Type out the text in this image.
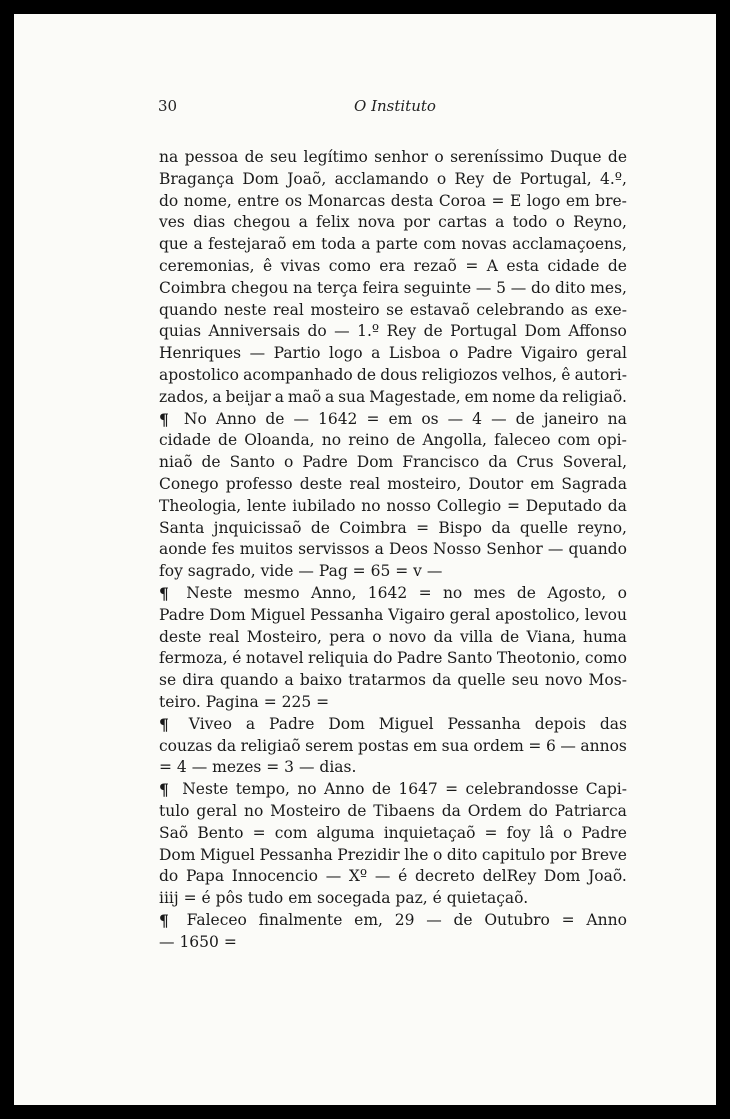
30	O Instituto
na pessoa de seu legítimo senhor o sereníssimo Duque de
Bragança Dom Joaõ, acclamando o Rey de Portugal, 4.º,
do nome, entre os Monarcas desta Coroa = E logo em bre-
ves dias chegou a felix nova por cartas a todo o Reyno,
que a festejaraõ em toda a parte com novas acclamaçoens,
ceremonias, ê vivas como era rezaõ = A esta cidade de
Coimbra chegou na terça feira seguinte — 5 — do dito mes,
quando neste real mosteiro se estavaõ celebrando as exe-
quias Anniversais do — 1.º Rey de Portugal Dom Affonso
Henriques — Partio logo a Lisboa o Padre Vigairo geral
apostolico acompanhado de dous religiozos velhos, ê autori-
zados, a beijar a maõ a sua Magestade, em nome da religiaõ.
¶ No Anno de — 1642 = em os — 4 — de janeiro na
cidade de Oloanda, no reino de Angolla, faleceo com opi-
niaõ de Santo o Padre Dom Francisco da Crus Soveral,
Conego professo deste real mosteiro, Doutor em Sagrada
Theologia, lente iubilado no nosso Collegio = Deputado da
Santa jnquicissaõ de Coimbra = Bispo da quelle reyno,
aonde fes muitos servissos a Deos Nosso Senhor — quando
foy sagrado, vide — Pag = 65 = v —
¶ Neste mesmo Anno, 1642 = no mes de Agosto, o
Padre Dom Miguel Pessanha Vigairo geral apostolico, levou
deste real Mosteiro, pera o novo da villa de Viana, huma
fermoza, é notavel reliquia do Padre Santo Theotonio, como
se dira quando a baixo tratarmos da quelle seu novo Mos-
teiro. Pagina = 225 =
¶ Viveo a Padre Dom Miguel Pessanha depois das
couzas da religiaõ serem postas em sua ordem = 6 — annos
= 4 — mezes = 3 — dias.
¶ Neste tempo, no Anno de 1647 = celebrandosse Capi-
tulo geral no Mosteiro de Tibaens da Ordem do Patriarca
Saõ Bento = com alguma inquietaçaõ = foy lâ o Padre
Dom Miguel Pessanha Prezidir lhe o dito capitulo por Breve
do Papa Innocencio — Xº — é decreto delRey Dom Joaõ.
iiij = é pôs tudo em socegada paz, é quietaçaõ.
¶ Faleceo finalmente em, 29 — de Outubro = Anno
— 1650 =
